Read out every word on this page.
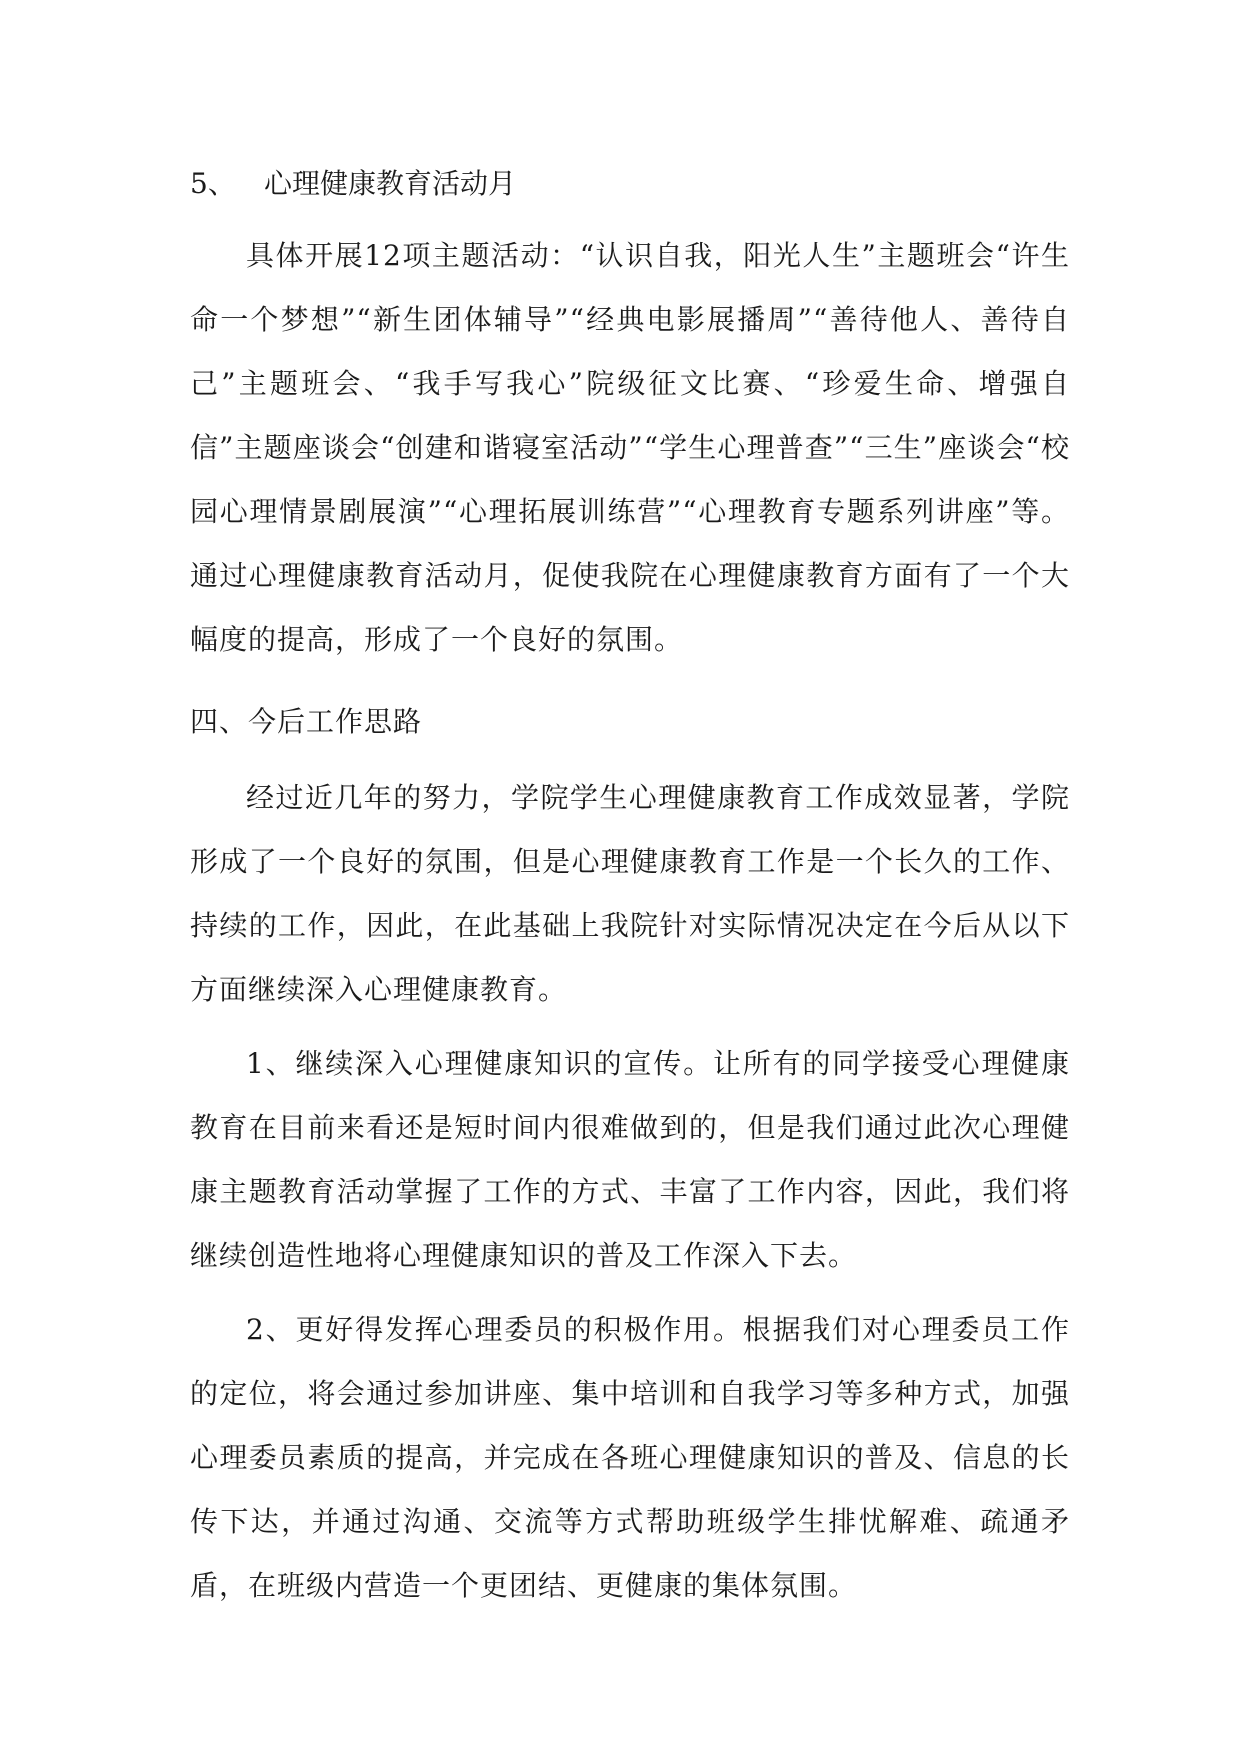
5、 心理健康教育活动月

具体开展12项主题活动：“认识自我，阳光人生”主题班会“许生命一个梦想”“新生团体辅导”“经典电影展播周”“善待他人、善待自己”主题班会、“我手写我心”院级征文比赛、“珍爱生命、增强自信”主题座谈会“创建和谐寝室活动”“学生心理普查”“三生”座谈会“校园心理情景剧展演”“心理拓展训练营”“心理教育专题系列讲座”等。通过心理健康教育活动月，促使我院在心理健康教育方面有了一个大幅度的提高，形成了一个良好的氛围。

四、今后工作思路

经过近几年的努力，学院学生心理健康教育工作成效显著，学院形成了一个良好的氛围，但是心理健康教育工作是一个长久的工作、持续的工作，因此，在此基础上我院针对实际情况决定在今后从以下方面继续深入心理健康教育。

1、继续深入心理健康知识的宣传。让所有的同学接受心理健康教育在目前来看还是短时间内很难做到的，但是我们通过此次心理健康主题教育活动掌握了工作的方式、丰富了工作内容，因此，我们将继续创造性地将心理健康知识的普及工作深入下去。

2、更好得发挥心理委员的积极作用。根据我们对心理委员工作的定位，将会通过参加讲座、集中培训和自我学习等多种方式，加强心理委员素质的提高，并完成在各班心理健康知识的普及、信息的长传下达，并通过沟通、交流等方式帮助班级学生排忧解难、疏通矛盾，在班级内营造一个更团结、更健康的集体氛围。
